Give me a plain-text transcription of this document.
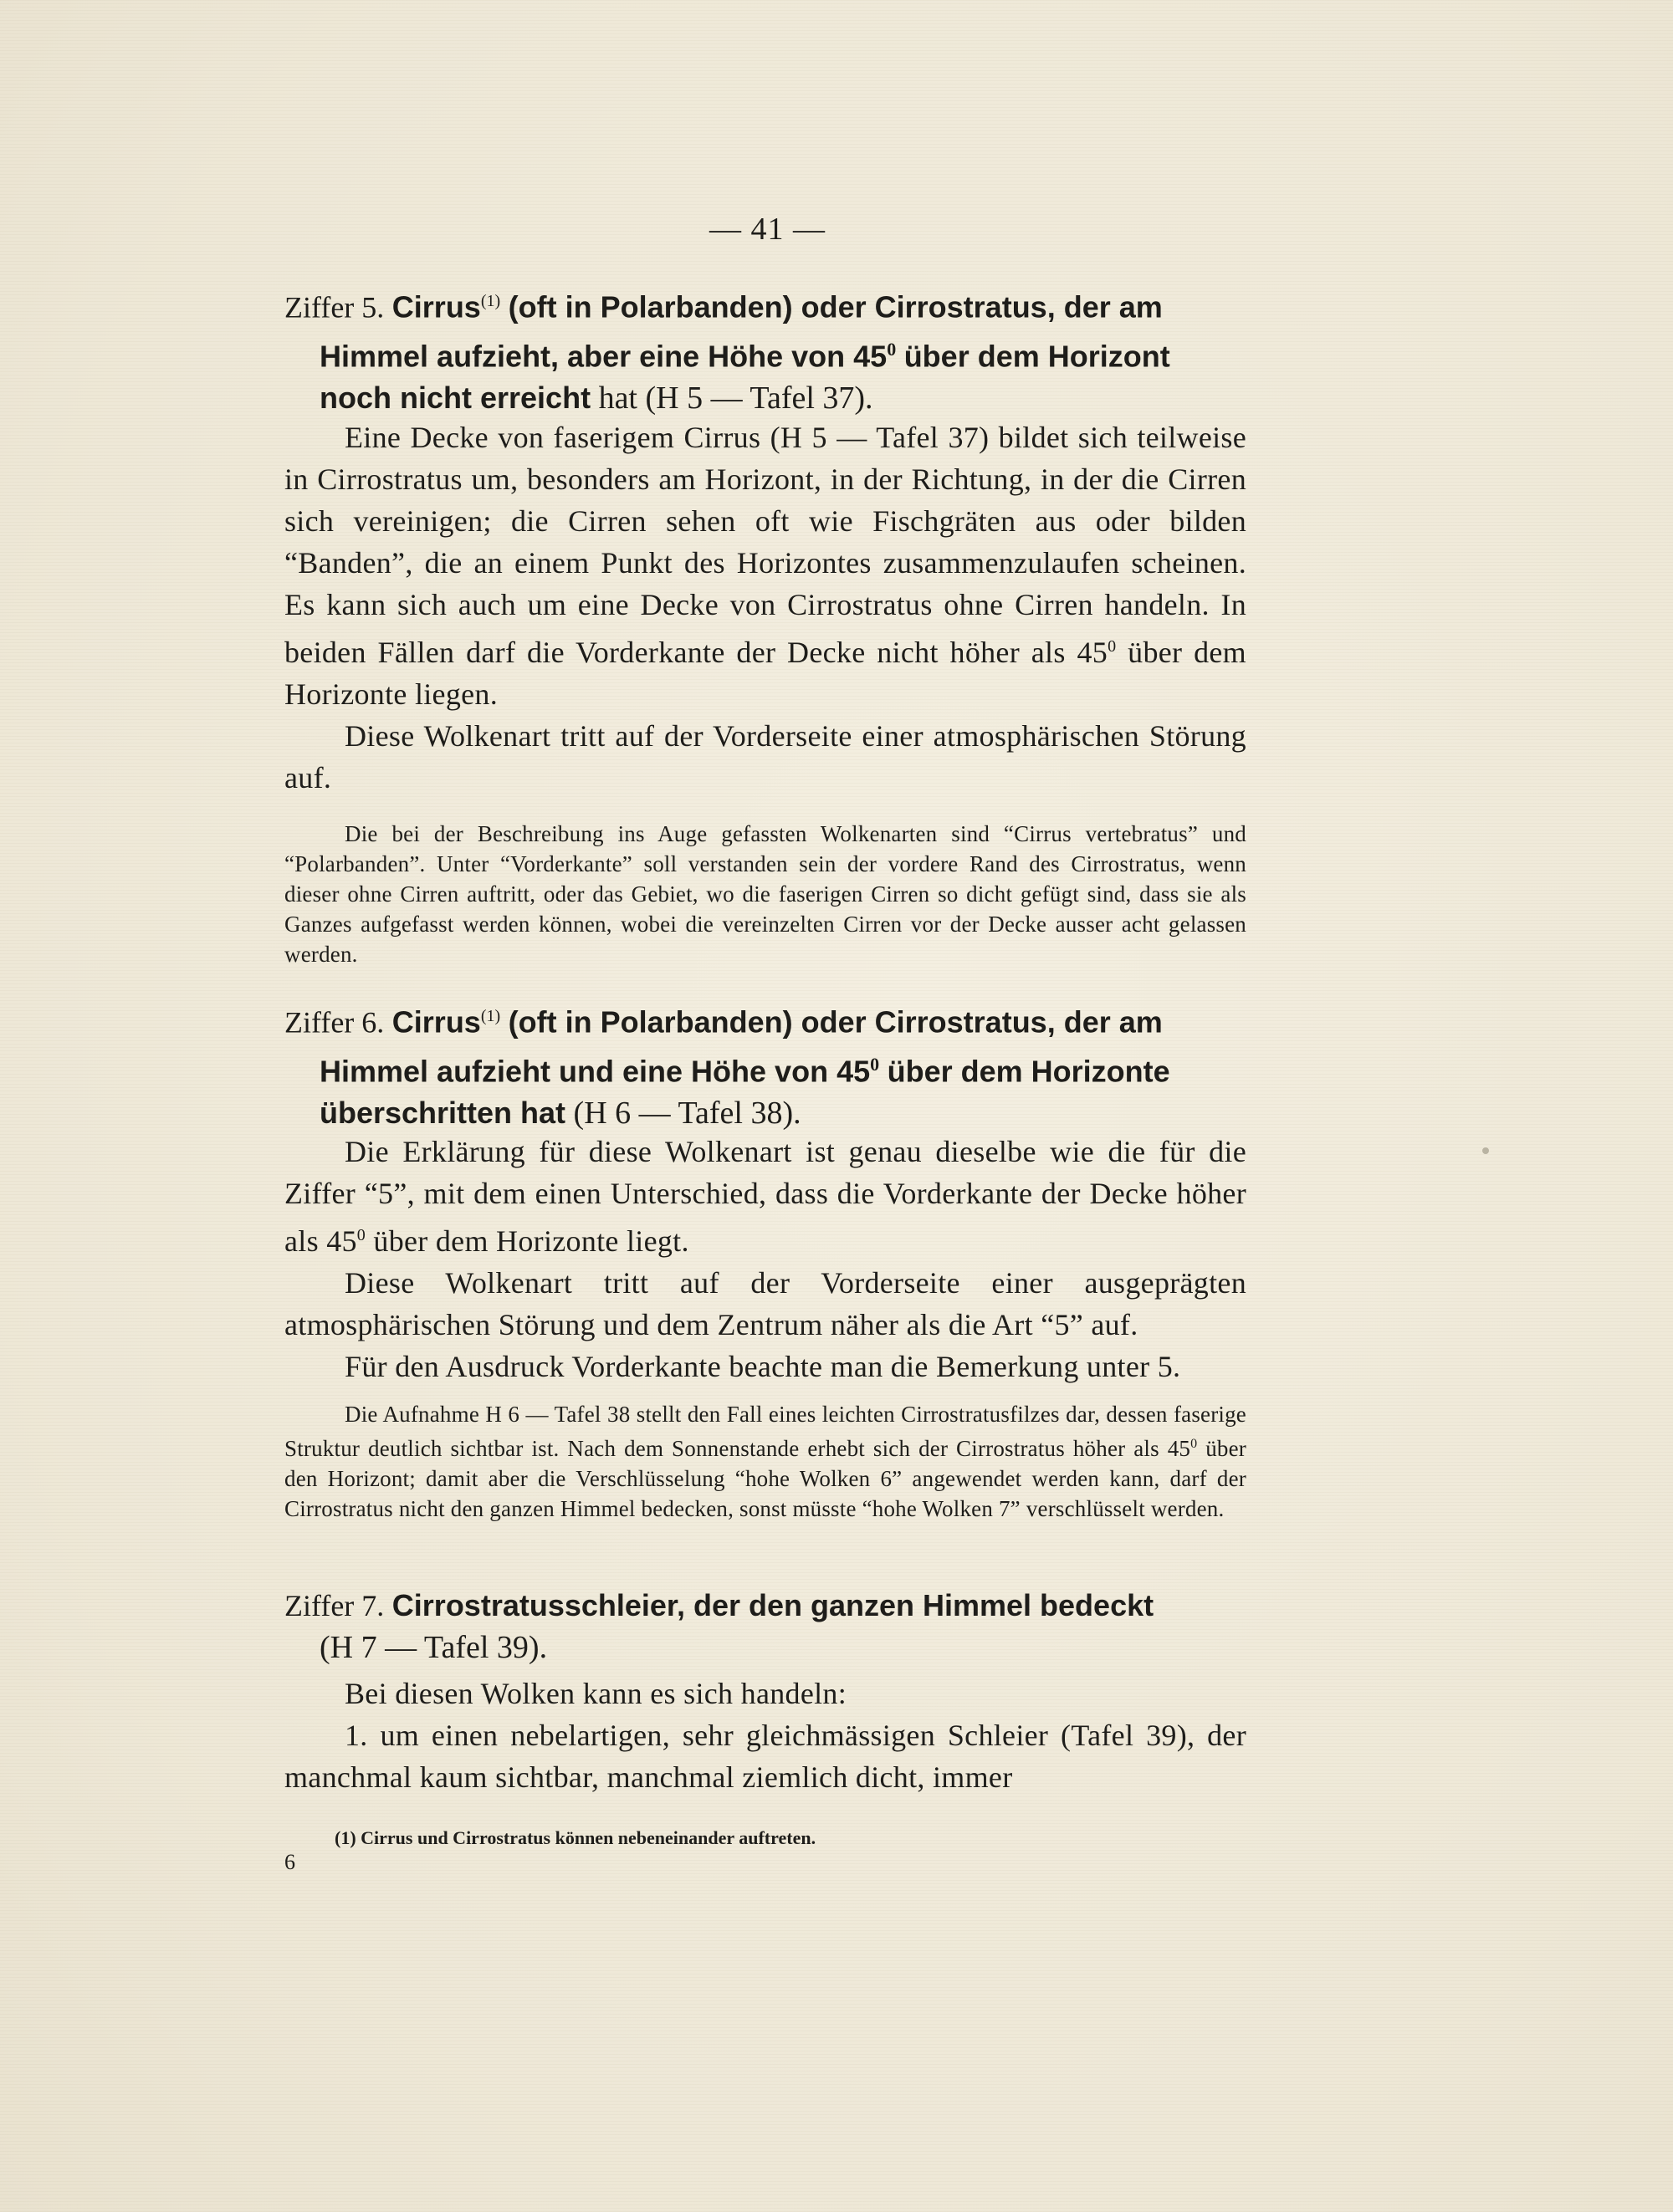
— 41 —
Ziffer 5. Cirrus$^{(1)}$ (oft in Polarbanden) oder Cirrostratus, der am
Himmel aufzieht, aber eine Höhe von $45^0$ über dem Horizont
noch nicht erreicht hat (H 5 — Tafel 37).

Eine Decke von faserigem Cirrus (H 5 — Tafel 37) bildet sich teilweise in Cirrostratus um, besonders am Horizont, in der Richtung, in der die Cirren sich vereinigen; die Cirren sehen oft wie Fischgräten aus oder bilden “Banden”, die an einem Punkt des Horizontes zusammenzulaufen scheinen. Es kann sich auch um eine Decke von Cirrostratus ohne Cirren handeln. In beiden Fällen darf die Vorderkante der Decke nicht höher als $45^0$ über dem Horizonte liegen.

Diese Wolkenart tritt auf der Vorderseite einer atmosphärischen Störung auf.

Die bei der Beschreibung ins Auge gefassten Wolkenarten sind “Cirrus vertebratus” und “Polarbanden”. Unter “Vorderkante” soll verstanden sein der vordere Rand des Cirrostratus, wenn dieser ohne Cirren auftritt, oder das Gebiet, wo die faserigen Cirren so dicht gefügt sind, dass sie als Ganzes aufgefasst werden können, wobei die vereinzelten Cirren vor der Decke ausser acht gelassen werden.

Ziffer 6. Cirrus$^{(1)}$ (oft in Polarbanden) oder Cirrostratus, der am
Himmel aufzieht und eine Höhe von $45^0$ über dem Horizonte
überschritten hat (H 6 — Tafel 38).

Die Erklärung für diese Wolkenart ist genau dieselbe wie die für die Ziffer “5”, mit dem einen Unterschied, dass die Vorderkante der Decke höher als $45^0$ über dem Horizonte liegt.

Diese Wolkenart tritt auf der Vorderseite einer ausgeprägten atmosphärischen Störung und dem Zentrum näher als die Art “5” auf.

Für den Ausdruck Vorderkante beachte man die Bemerkung unter 5.

Die Aufnahme H 6 — Tafel 38 stellt den Fall eines leichten Cirrostratusfilzes dar, dessen faserige Struktur deutlich sichtbar ist. Nach dem Sonnenstande erhebt sich der Cirrostratus höher als $45^0$ über den Horizont; damit aber die Verschlüsselung “hohe Wolken 6” angewendet werden kann, darf der Cirrostratus nicht den ganzen Himmel bedecken, sonst müsste “hohe Wolken 7” verschlüsselt werden.

Ziffer 7. Cirrostratusschleier, der den ganzen Himmel bedeckt
(H 7 — Tafel 39).

Bei diesen Wolken kann es sich handeln:

1. um einen nebelartigen, sehr gleichmässigen Schleier (Tafel 39), der manchmal kaum sichtbar, manchmal ziemlich dicht, immer

(1) Cirrus und Cirrostratus können nebeneinander auftreten.
6
